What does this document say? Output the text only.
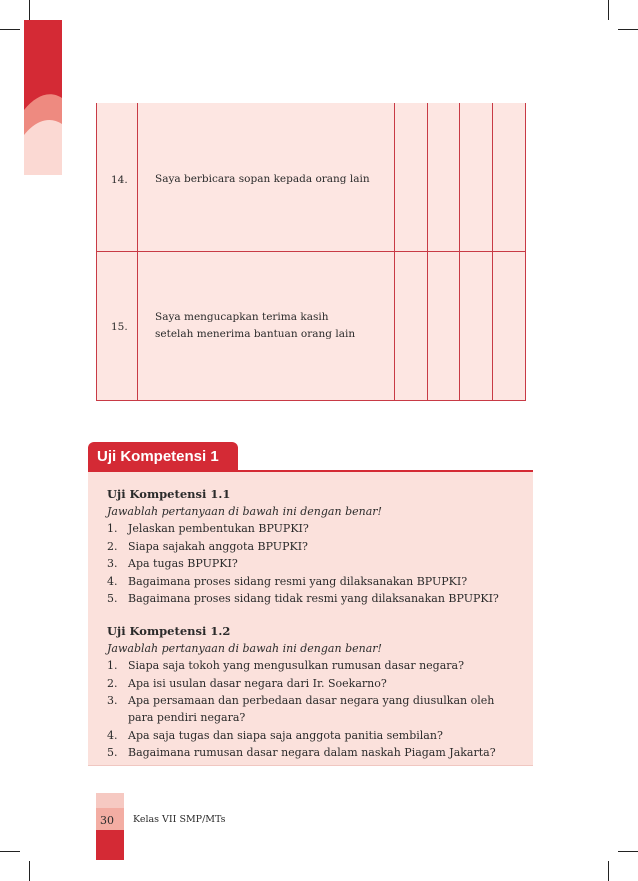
14.	Saya berbicara sopan kepada orang lain
15.
Saya mengucapkan terima kasih
setelah menerima bantuan orang lain
Uji Kompetensi 1
Uji Kompetensi 1.1
Jawablah pertanyaan di bawah ini dengan benar!
1. Jelaskan pembentukan BPUPKI?
2. Siapa sajakah anggota BPUPKI?
3. Apa tugas BPUPKI?
4. Bagaimana proses sidang resmi yang dilaksanakan BPUPKI?
5. Bagaimana proses sidang tidak resmi yang dilaksanakan BPUPKI?
Uji Kompetensi 1.2
Jawablah pertanyaan di bawah ini dengan benar!
1. Siapa saja tokoh yang mengusulkan rumusan dasar negara?
2. Apa isi usulan dasar negara dari Ir. Soekarno?
3. Apa persamaan dan perbedaan dasar negara yang diusulkan oleh
para pendiri negara?
4. Apa saja tugas dan siapa saja anggota panitia sembilan?
5. Bagaimana rumusan dasar negara dalam naskah Piagam Jakarta?
30 Kelas VII SMP/MTs
